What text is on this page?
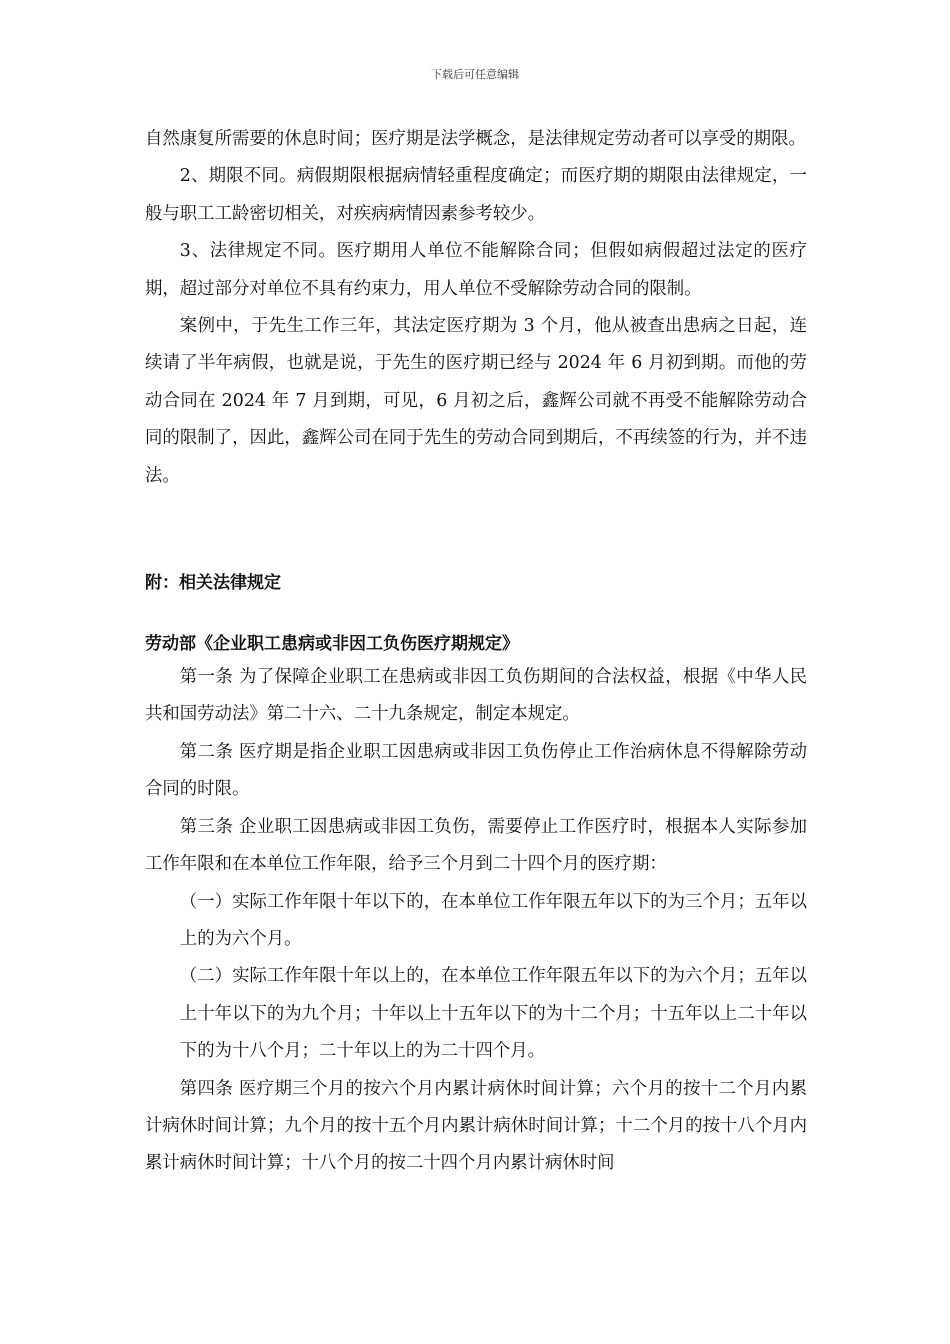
下载后可任意编辑

自然康复所需要的休息时间；医疗期是法学概念，是法律规定劳动者可以享受的期限。

2、期限不同。病假期限根据病情轻重程度确定；而医疗期的期限由法律规定，一般与职工工龄密切相关，对疾病病情因素参考较少。

3、法律规定不同。医疗期用人单位不能解除合同；但假如病假超过法定的医疗期，超过部分对单位不具有约束力，用人单位不受解除劳动合同的限制。

案例中，于先生工作三年，其法定医疗期为 3 个月，他从被查出患病之日起，连续请了半年病假，也就是说，于先生的医疗期已经与 2024 年 6 月初到期。而他的劳动合同在 2024 年 7 月到期，可见，6 月初之后，鑫辉公司就不再受不能解除劳动合同的限制了，因此，鑫辉公司在同于先生的劳动合同到期后，不再续签的行为，并不违法。

附：相关法律规定

劳动部《企业职工患病或非因工负伤医疗期规定》

第一条 为了保障企业职工在患病或非因工负伤期间的合法权益，根据《中华人民共和国劳动法》第二十六、二十九条规定，制定本规定。

第二条 医疗期是指企业职工因患病或非因工负伤停止工作治病休息不得解除劳动合同的时限。

第三条 企业职工因患病或非因工负伤，需要停止工作医疗时，根据本人实际参加工作年限和在本单位工作年限，给予三个月到二十四个月的医疗期：

（一）实际工作年限十年以下的，在本单位工作年限五年以下的为三个月；五年以上的为六个月。

（二）实际工作年限十年以上的，在本单位工作年限五年以下的为六个月；五年以上十年以下的为九个月；十年以上十五年以下的为十二个月；十五年以上二十年以下的为十八个月；二十年以上的为二十四个月。

第四条 医疗期三个月的按六个月内累计病休时间计算；六个月的按十二个月内累计病休时间计算；九个月的按十五个月内累计病休时间计算；十二个月的按十八个月内累计病休时间计算；十八个月的按二十四个月内累计病休时间
